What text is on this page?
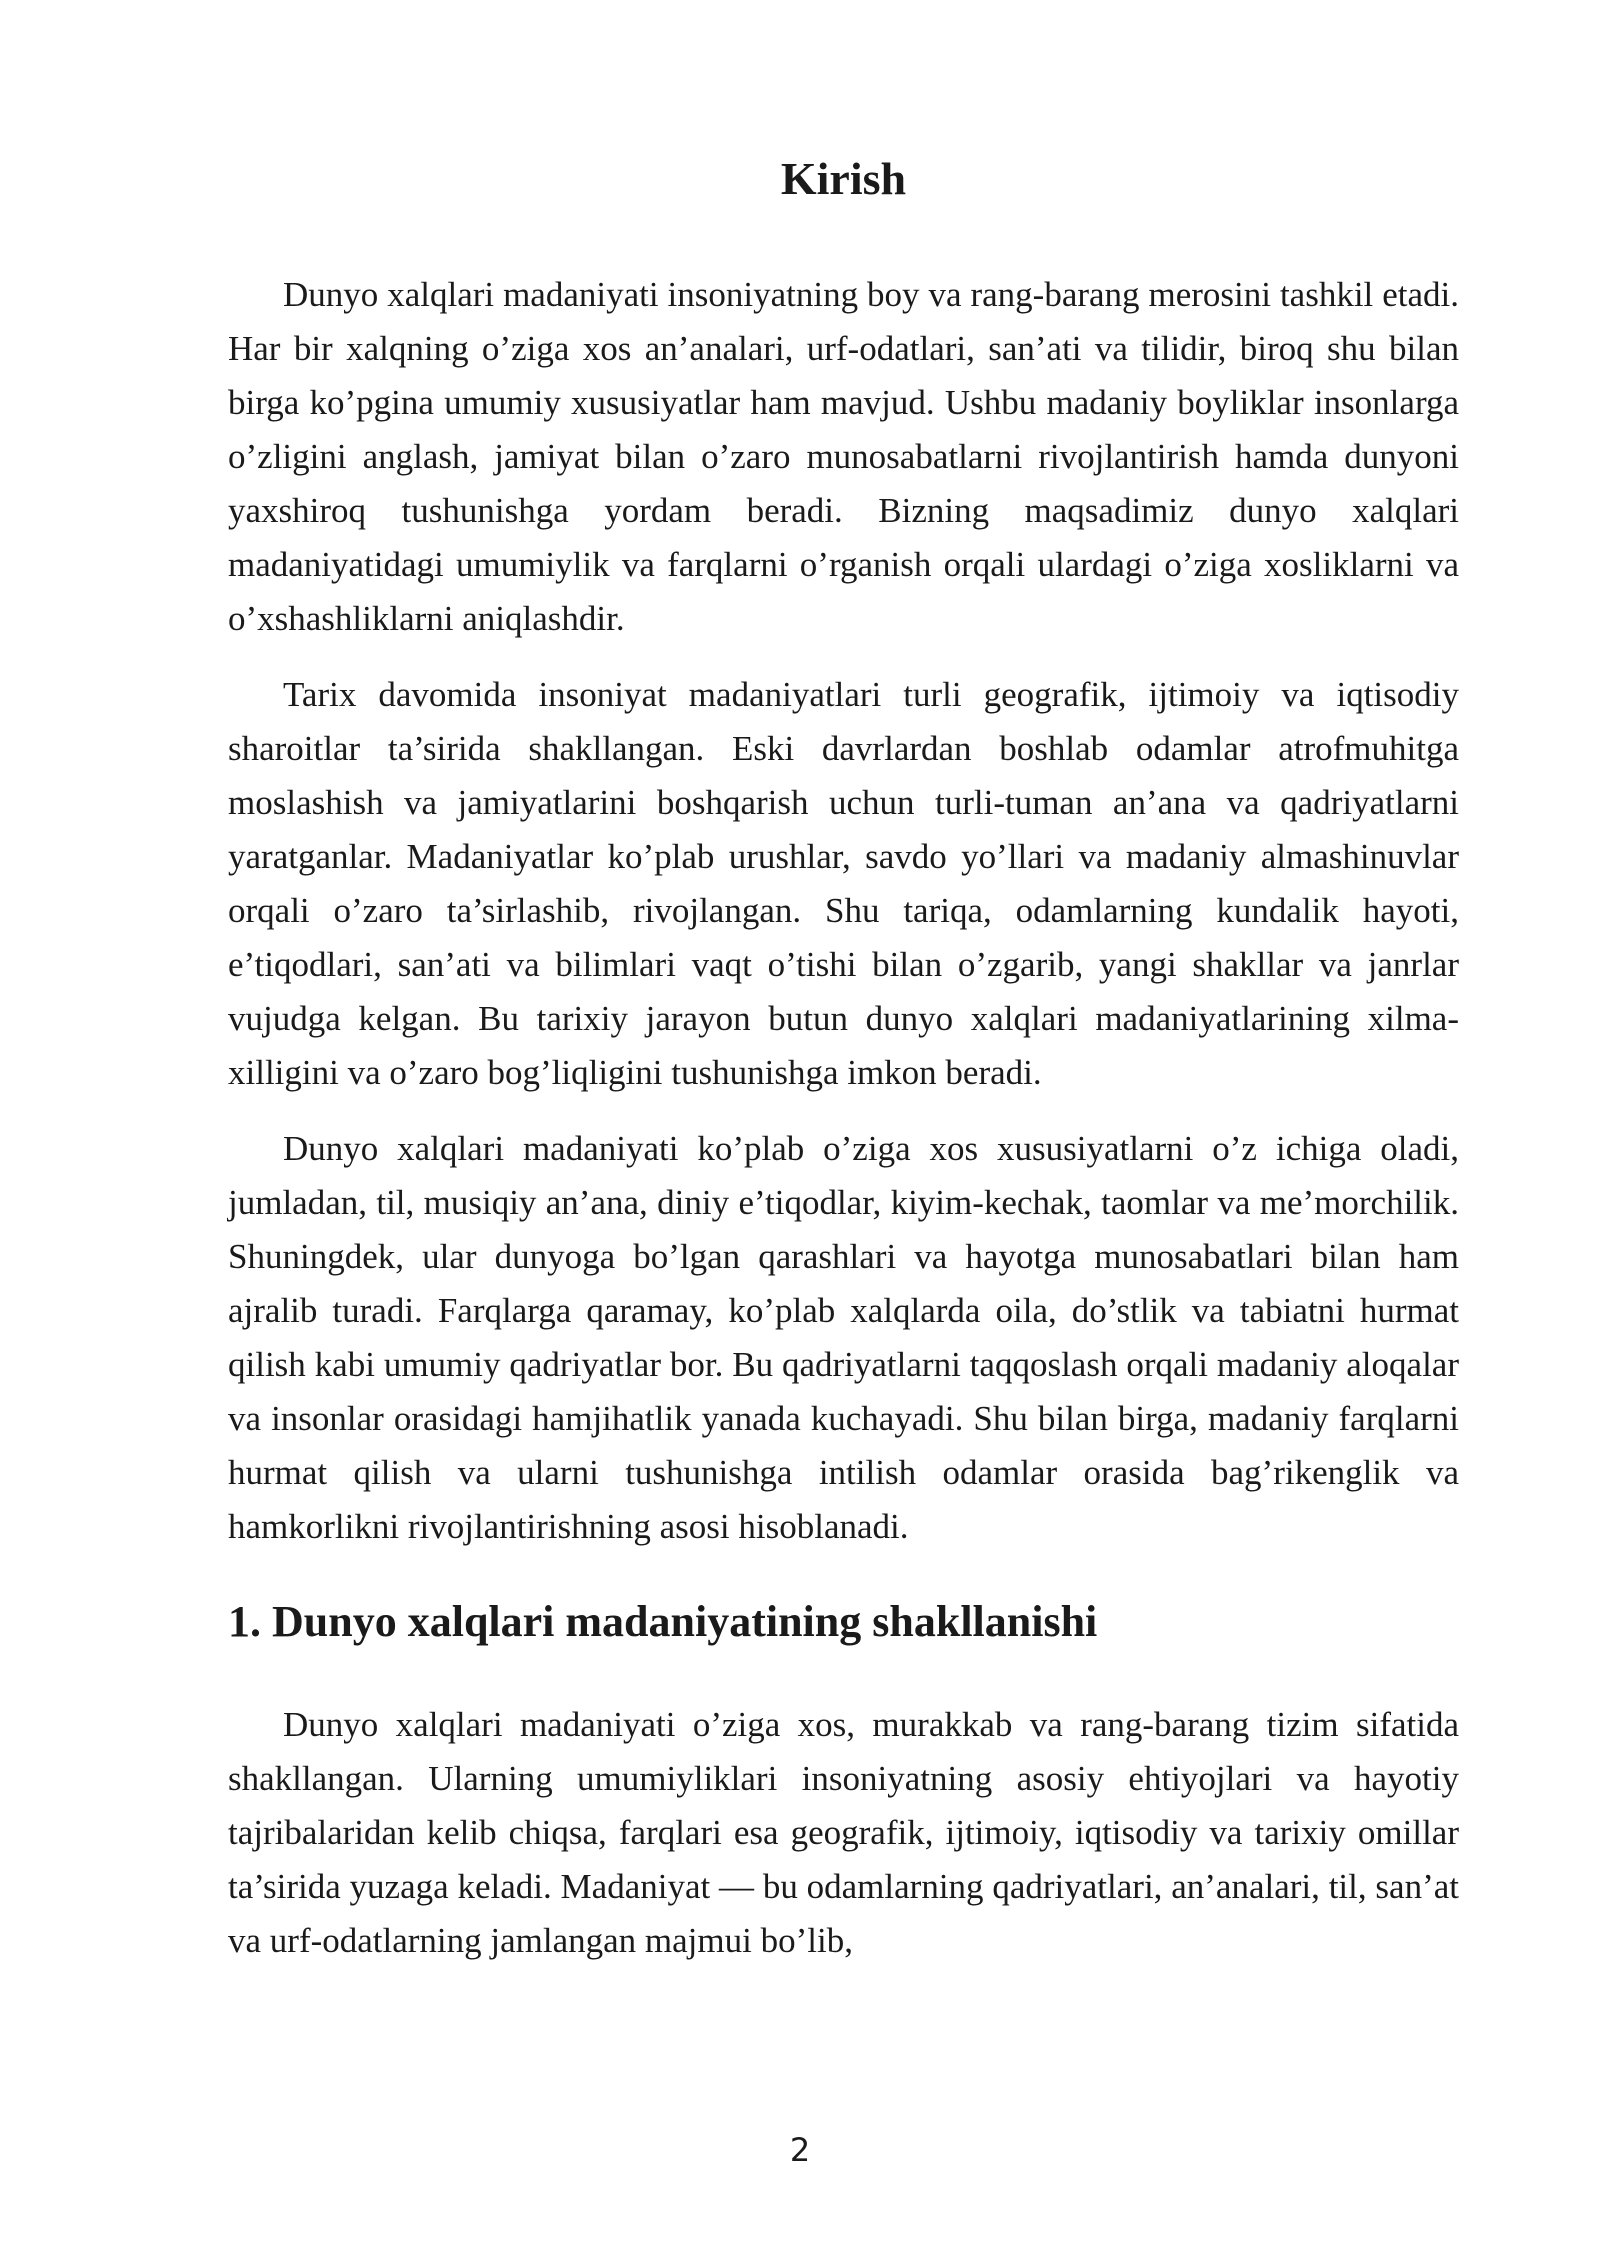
Kirish

Dunyo xalqlari madaniyati insoniyatning boy va rang-barang merosini tashkil etadi. Har bir xalqning o’ziga xos an’analari, urf-odatlari, san’ati va tilidir, biroq shu bilan birga ko’pgina umumiy xususiyatlar ham mavjud. Ushbu madaniy boyliklar insonlarga o’zligini anglash, jamiyat bilan o’zaro munosabatlarni rivojlantirish hamda dunyoni yaxshiroq tushunishga yordam beradi. Bizning maqsadimiz dunyo xalqlari madaniyatidagi umumiylik va farqlarni o’rganish orqali ulardagi o’ziga xosliklarni va o’xshashliklarni aniqlashdir.

Tarix davomida insoniyat madaniyatlari turli geografik, ijtimoiy va iqtisodiy sharoitlar ta’sirida shakllangan. Eski davrlardan boshlab odamlar atrofmuhitga moslashish va jamiyatlarini boshqarish uchun turli-tuman an’ana va qadriyatlarni yaratganlar. Madaniyatlar ko’plab urushlar, savdo yo’llari va madaniy almashinuvlar orqali o’zaro ta’sirlashib, rivojlangan. Shu tariqa, odamlarning kundalik hayoti, e’tiqodlari, san’ati va bilimlari vaqt o’tishi bilan o’zgarib, yangi shakllar va janrlar vujudga kelgan. Bu tarixiy jarayon butun dunyo xalqlari madaniyatlarining xilma-xilligini va o’zaro bog’liqligini tushunishga imkon beradi.

Dunyo xalqlari madaniyati ko’plab o’ziga xos xususiyatlarni o’z ichiga oladi, jumladan, til, musiqiy an’ana, diniy e’tiqodlar, kiyim-kechak, taomlar va me’morchilik. Shuningdek, ular dunyoga bo’lgan qarashlari va hayotga munosabatlari bilan ham ajralib turadi. Farqlarga qaramay, ko’plab xalqlarda oila, do’stlik va tabiatni hurmat qilish kabi umumiy qadriyatlar bor. Bu qadriyatlarni taqqoslash orqali madaniy aloqalar va insonlar orasidagi hamjihatlik yanada kuchayadi. Shu bilan birga, madaniy farqlarni hurmat qilish va ularni tushunishga intilish odamlar orasida bag’rikenglik va hamkorlikni rivojlantirishning asosi hisoblanadi.

1. Dunyo xalqlari madaniyatining shakllanishi

Dunyo xalqlari madaniyati o’ziga xos, murakkab va rang-barang tizim sifatida shakllangan. Ularning umumiyliklari insoniyatning asosiy ehtiyojlari va hayotiy tajribalaridan kelib chiqsa, farqlari esa geografik, ijtimoiy, iqtisodiy va tarixiy omillar ta’sirida yuzaga keladi. Madaniyat — bu odamlarning qadriyatlari, an’analari, til, san’at va urf-odatlarning jamlangan majmui bo’lib,

2
